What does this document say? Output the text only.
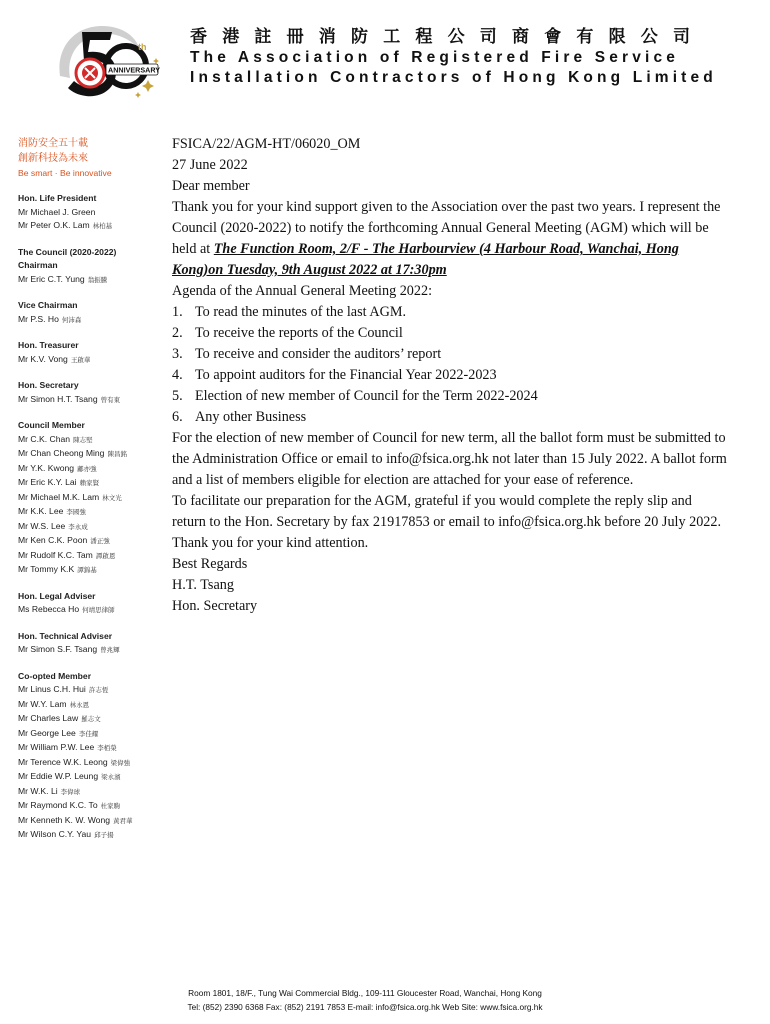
th
ANNIVERSARY
香港註冊消防工程公司商會有限公司
The Association of Registered Fire Service
Installation Contractors of Hong Kong Limited
消防安全五十載
創新科技為未來
Be smart · Be innovative
Hon. Life President
Mr Michael J. Green
Mr Peter O.K. Lam 林柏基
The Council (2020-2022)
Chairman
Mr Eric C.T. Yung 翁振騰
Vice Chairman
Mr P.S. Ho 何沛森
Hon. Treasurer
Mr K.V. Vong 王啟華
Hon. Secretary
Mr Simon H.T. Tsang 曾有東
Council Member
Mr C.K. Chan 陳志堅
Mr Chan Cheong Ming 陳昌銘
Mr Y.K. Kwong 鄺亦強
Mr Eric K.Y. Lai 賴家賢
Mr Michael M.K. Lam 林文光
Mr K.K. Lee 李國強
Mr W.S. Lee 李永成
Mr Ken C.K. Poon 潘正強
Mr Rudolf K.C. Tam 譚啟恩
Mr Tommy K.K 譚錦基
Hon. Legal Adviser
Ms Rebecca Ho 何靖思律師
Hon. Technical Adviser
Mr Simon S.F. Tsang 曾兆輝
Co-opted Member
Mr Linus C.H. Hui 許志恆
Mr W.Y. Lam 林永恩
Mr Charles Law 羅志文
Mr George Lee 李佳耀
Mr William P.W. Lee 李栢榮
Mr Terence W.K. Leong 梁偉強
Mr Eddie W.P. Leung 梁永濱
Mr W.K. Li 李偉球
Mr Raymond K.C. To 杜家駒
Mr Kenneth K. W. Wong 黃君華
Mr Wilson C.Y. Yau 邱子揚

FSICA/22/AGM-HT/06020_OM

27 June 2022

Dear member

Thank you for your kind support given to the Association over the past two years. I represent the Council (2020-2022) to notify the forthcoming Annual General Meeting (AGM) which will be held at The Function Room, 2/F - The Harbourview (4 Harbour Road, Wanchai, Hong Kong)on Tuesday, 9th August 2022 at 17:30pm

Agenda of the Annual General Meeting 2022:

1. To read the minutes of the last AGM.
2. To receive the reports of the Council
3. To receive and consider the auditors’ report
4. To appoint auditors for the Financial Year 2022-2023
5. Election of new member of Council for the Term 2022-2024
6. Any other Business

For the election of new member of Council for new term, all the ballot form must be submitted to the Administration Office or email to info@fsica.org.hk not later than 15 July 2022. A ballot form and a list of members eligible for election are attached for your ease of reference.

To facilitate our preparation for the AGM, grateful if you would complete the reply slip and return to the Hon. Secretary by fax 21917853 or email to info@fsica.org.hk before 20 July 2022.

Thank you for your kind attention.

Best Regards

H.T. Tsang

Hon. Secretary

Room 1801, 18/F., Tung Wai Commercial Bldg., 109-111 Gloucester Road, Wanchai, Hong Kong
Tel: (852) 2390 6368 Fax: (852) 2191 7853 E-mail: info@fsica.org.hk Web Site: www.fsica.org.hk
